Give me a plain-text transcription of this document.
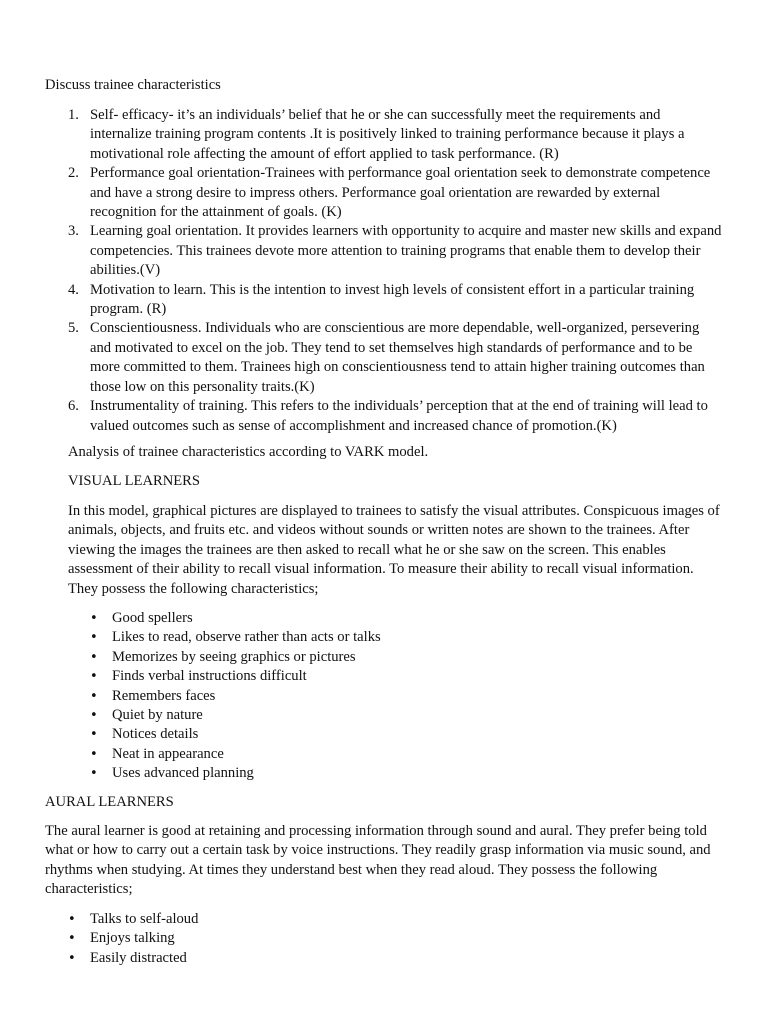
Discuss trainee characteristics
1. Self- efficacy- it’s an individuals’ belief that he or she can successfully meet the requirements and internalize training program contents .It is positively linked to training performance because it plays a motivational role affecting the amount of effort applied to task performance. (R)
2. Performance goal orientation-Trainees with performance goal orientation seek to demonstrate competence and have a strong desire to impress others. Performance goal orientation are rewarded by external recognition for the attainment of goals. (K)
3. Learning goal orientation. It provides learners with opportunity to acquire and master new skills and expand competencies. This trainees devote more attention to training programs that enable them to develop their abilities.(V)
4. Motivation to learn. This is the intention to invest high levels of consistent effort in a particular training program. (R)
5. Conscientiousness. Individuals who are conscientious are more dependable, well-organized, persevering and motivated to excel on the job. They tend to set themselves high standards of performance and to be more committed to them. Trainees high on conscientiousness tend to attain higher training outcomes than those low on this personality traits.(K)
6. Instrumentality of training. This refers to the individuals’ perception that at the end of training will lead to valued outcomes such as sense of accomplishment and increased chance of promotion.(K)

Analysis of trainee characteristics according to VARK model.

VISUAL LEARNERS

In this model, graphical pictures are displayed to trainees to satisfy the visual attributes. Conspicuous images of animals, objects, and fruits etc. and videos without sounds or written notes are shown to the trainees. After viewing the images the trainees are then asked to recall what he or she saw on the screen. This enables assessment of their ability to recall visual information. To measure their ability to recall visual information. They possess the following characteristics;

• Good spellers
• Likes to read, observe rather than acts or talks
• Memorizes by seeing graphics or pictures
• Finds verbal instructions difficult
• Remembers faces
• Quiet by nature
• Notices details
• Neat in appearance
• Uses advanced planning

AURAL LEARNERS

The aural learner is good at retaining and processing information through sound and aural. They prefer being told what or how to carry out a certain task by voice instructions. They readily grasp information via music sound, and rhythms when studying. At times they understand best when they read aloud. They possess the following characteristics;

• Talks to self-aloud
• Enjoys talking
• Easily distracted
